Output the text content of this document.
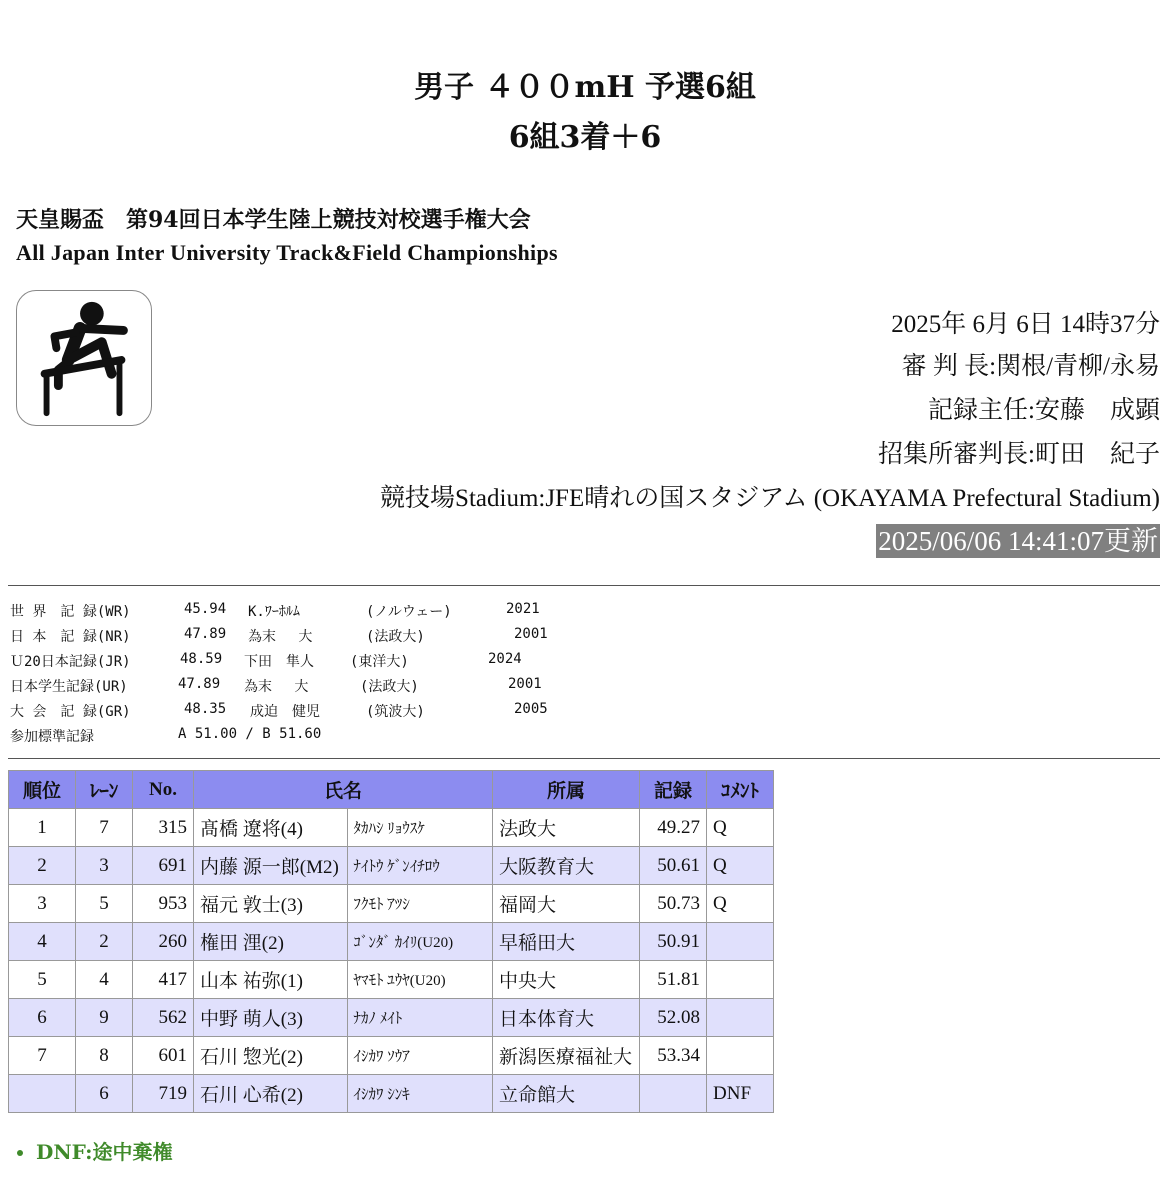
男子 ４００mH 予選6組
6組3着＋6
天皇賜盃　第94回日本学生陸上競技対校選手権大会
All Japan Inter University Track&Field Championships
2025年 6月 6日 14時37分
審 判 長:関根/青柳/永易
記録主任:安藤　成顕
招集所審判長:町田　紀子
競技場Stadium:JFE晴れの国スタジアム (OKAYAMA Prefectural Stadium)
2025/06/06 14:41:07更新
世 界　記 録(WR)	45.94 K.ﾜｰﾎﾙﾑ	(ノルウェー)	2021
日 本　記 録(NR)	47.89 為末　 大	(法政大)	2001
Ｕ20日本記録(JR)	48.59 下田　隼人	(東洋大)	2024
日本学生記録(UR)	47.89 為末　 大	(法政大)	2001
大 会　記 録(GR)	48.35 成迫　健児	(筑波大)	2005
参加標準記録	A 51.00 / B 51.60
順位	ﾚｰﾝ	No.	氏名		所属	記録	ｺﾒﾝﾄ
1	7	315	髙橋 遼将(4)	ﾀｶﾊｼ ﾘｮｳｽｹ	法政大	49.27	Q
2	3	691	内藤 源一郎(M2)	ﾅｲﾄｳ ｹﾞﾝｲﾁﾛｳ	大阪教育大	50.61	Q
3	5	953	福元 敦士(3)	ﾌｸﾓﾄ ｱﾂｼ	福岡大	50.73	Q
4	2	260	権田 浬(2)	ｺﾞﾝﾀﾞ ｶｲﾘ(U20)	早稲田大	50.91	
5	4	417	山本 祐弥(1)	ﾔﾏﾓﾄ ﾕｳﾔ(U20)	中央大	51.81	
6	9	562	中野 萌人(3)	ﾅｶﾉ ﾒｲﾄ	日本体育大	52.08	
7	8	601	石川 惣光(2)	ｲｼｶﾜ ｿｳｱ	新潟医療福祉大	53.34	
	6	719	石川 心希(2)	ｲｼｶﾜ ｼﾝｷ	立命館大		DNF
• DNF:途中棄権
